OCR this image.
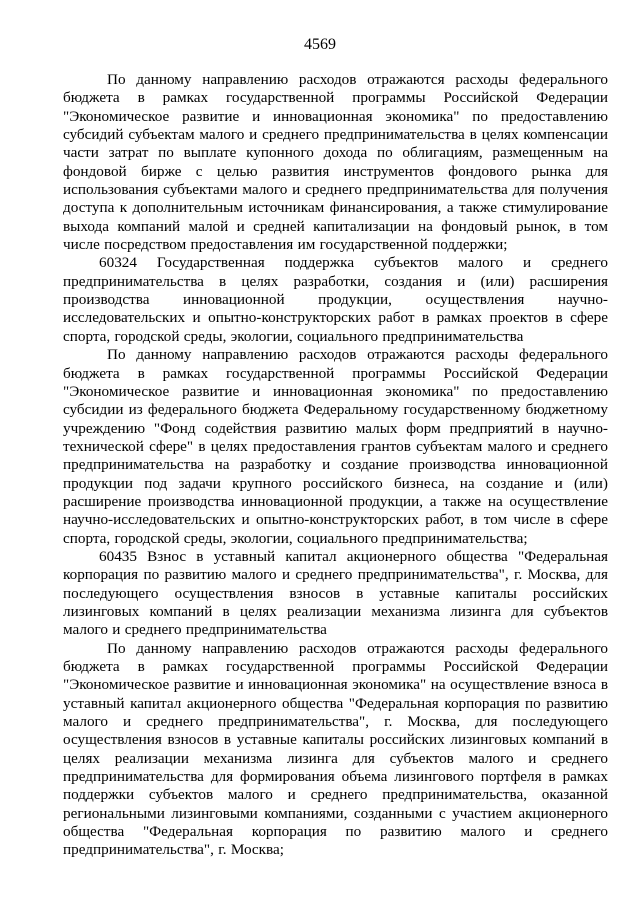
4569

По данному направлению расходов отражаются расходы федерального бюджета в рамках государственной программы Российской Федерации "Экономическое развитие и инновационная экономика" по предоставлению субсидий субъектам малого и среднего предпринимательства в целях компенсации части затрат по выплате купонного дохода по облигациям, размещенным на фондовой бирже с целью развития инструментов фондового рынка для использования субъектами малого и среднего предпринимательства для получения доступа к дополнительным источникам финансирования, а также стимулирование выхода компаний малой и средней капитализации на фондовый рынок, в том числе посредством предоставления им государственной поддержки;

60324 Государственная поддержка субъектов малого и среднего предпринимательства в целях разработки, создания и (или) расширения производства инновационной продукции, осуществления научно-исследовательских и опытно-конструкторских работ в рамках проектов в сфере спорта, городской среды, экологии, социального предпринимательства

По данному направлению расходов отражаются расходы федерального бюджета в рамках государственной программы Российской Федерации "Экономическое развитие и инновационная экономика" по предоставлению субсидии из федерального бюджета Федеральному государственному бюджетному учреждению "Фонд содействия развитию малых форм предприятий в научно-технической сфере" в целях предоставления грантов субъектам малого и среднего предпринимательства на разработку и создание производства инновационной продукции под задачи крупного российского бизнеса, на создание и (или) расширение производства инновационной продукции, а также на осуществление научно-исследовательских и опытно-конструкторских работ, в том числе в сфере спорта, городской среды, экологии, социального предпринимательства;

60435 Взнос в уставный капитал акционерного общества "Федеральная корпорация по развитию малого и среднего предпринимательства", г. Москва, для последующего осуществления взносов в уставные капиталы российских лизинговых компаний в целях реализации механизма лизинга для субъектов малого и среднего предпринимательства

По данному направлению расходов отражаются расходы федерального бюджета в рамках государственной программы Российской Федерации "Экономическое развитие и инновационная экономика" на осуществление взноса в уставный капитал акционерного общества "Федеральная корпорация по развитию малого и среднего предпринимательства", г. Москва, для последующего осуществления взносов в уставные капиталы российских лизинговых компаний в целях реализации механизма лизинга для субъектов малого и среднего предпринимательства для формирования объема лизингового портфеля в рамках поддержки субъектов малого и среднего предпринимательства, оказанной региональными лизинговыми компаниями, созданными с участием акционерного общества "Федеральная корпорация по развитию малого и среднего предпринимательства", г. Москва;
